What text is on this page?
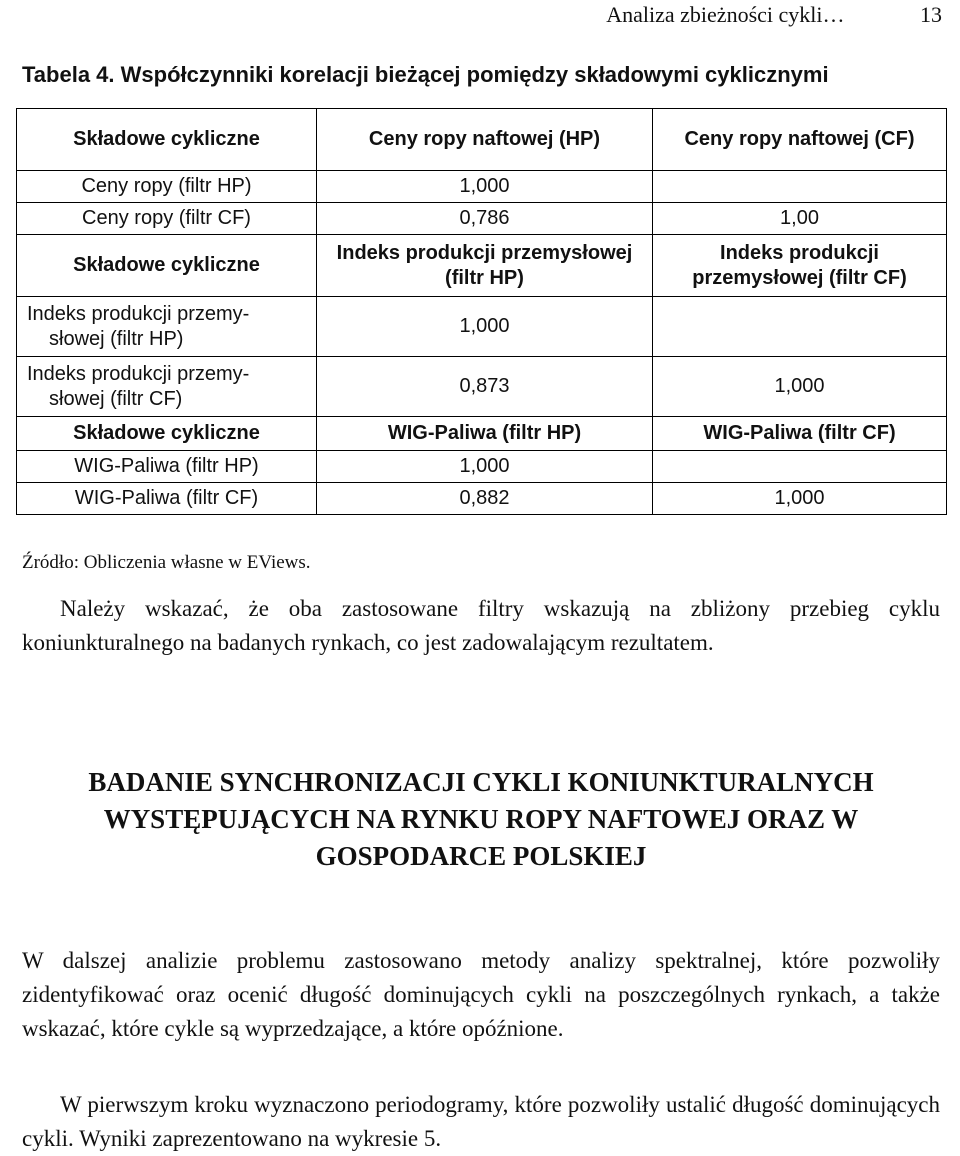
Analiza zbieżności cykli…	13
Tabela 4. Współczynniki korelacji bieżącej pomiędzy składowymi cyklicznymi
Składowe cykliczne	Ceny ropy naftowej (HP)	Ceny ropy naftowej (CF)
Ceny ropy (filtr HP)	1,000	
Ceny ropy (filtr CF)	0,786	1,00
Składowe cykliczne	Indeks produkcji przemysłowej (filtr HP)	Indeks produkcji przemysłowej (filtr CF)
Indeks produkcji przemy-
słowej (filtr HP)	1,000	
Indeks produkcji przemy-
słowej (filtr CF)	0,873	1,000
Składowe cykliczne	WIG-Paliwa (filtr HP)	WIG-Paliwa (filtr CF)
WIG-Paliwa (filtr HP)	1,000	
WIG-Paliwa (filtr CF)	0,882	1,000
Źródło: Obliczenia własne w EViews.

Należy wskazać, że oba zastosowane filtry wskazują na zbliżony przebieg cyklu koniunkturalnego na badanych rynkach, co jest zadowalającym rezultatem.

BADANIE SYNCHRONIZACJI CYKLI KONIUNKTURALNYCH WYSTĘPUJĄCYCH NA RYNKU ROPY NAFTOWEJ ORAZ W GOSPODARCE POLSKIEJ

W dalszej analizie problemu zastosowano metody analizy spektralnej, które pozwoliły zidentyfikować oraz ocenić długość dominujących cykli na poszczególnych rynkach, a także wskazać, które cykle są wyprzedzające, a które opóźnione.

W pierwszym kroku wyznaczono periodogramy, które pozwoliły ustalić długość dominujących cykli. Wyniki zaprezentowano na wykresie 5.
